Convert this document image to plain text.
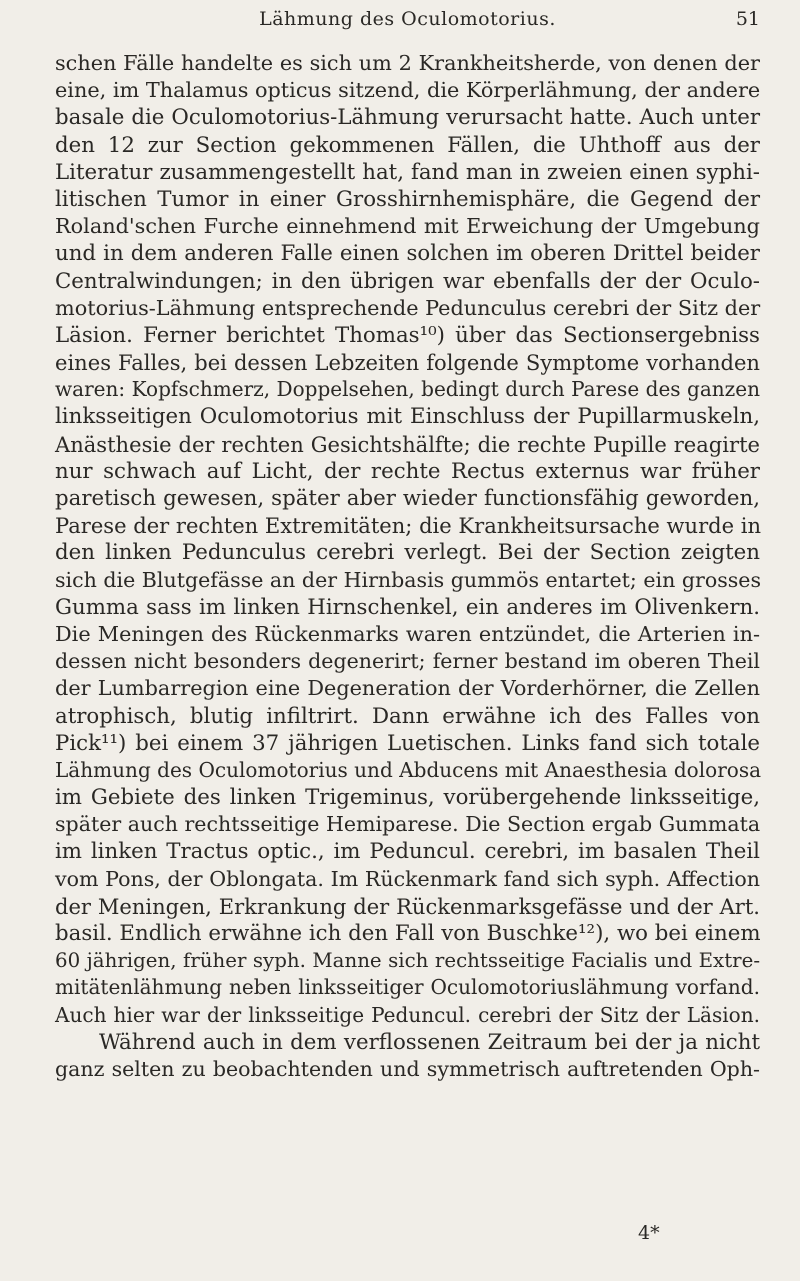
Lähmung des Oculomotorius.	51
schen Fälle handelte es sich um 2 Krankheitsherde, von denen der
eine, im Thalamus opticus sitzend, die Körperlähmung, der andere
basale die Oculomotorius-Lähmung verursacht hatte. Auch unter
den 12 zur Section gekommenen Fällen, die Uhthoff aus der
Literatur zusammengestellt hat, fand man in zweien einen syphi-
litischen Tumor in einer Grosshirnhemisphäre, die Gegend der
Roland'schen Furche einnehmend mit Erweichung der Umgebung
und in dem anderen Falle einen solchen im oberen Drittel beider
Centralwindungen; in den übrigen war ebenfalls der der Oculo-
motorius-Lähmung entsprechende Pedunculus cerebri der Sitz der
Läsion. Ferner berichtet Thomas¹⁰) über das Sectionsergebniss
eines Falles, bei dessen Lebzeiten folgende Symptome vorhanden
waren: Kopfschmerz, Doppelsehen, bedingt durch Parese des ganzen
linksseitigen Oculomotorius mit Einschluss der Pupillarmuskeln,
Anästhesie der rechten Gesichtshälfte; die rechte Pupille reagirte
nur schwach auf Licht, der rechte Rectus externus war früher
paretisch gewesen, später aber wieder functionsfähig geworden,
Parese der rechten Extremitäten; die Krankheitsursache wurde in
den linken Pedunculus cerebri verlegt. Bei der Section zeigten
sich die Blutgefässe an der Hirnbasis gummös entartet; ein grosses
Gumma sass im linken Hirnschenkel, ein anderes im Olivenkern.
Die Meningen des Rückenmarks waren entzündet, die Arterien in-
dessen nicht besonders degenerirt; ferner bestand im oberen Theil
der Lumbarregion eine Degeneration der Vorderhörner, die Zellen
atrophisch, blutig infiltrirt. Dann erwähne ich des Falles von
Pick¹¹) bei einem 37 jährigen Luetischen. Links fand sich totale
Lähmung des Oculomotorius und Abducens mit Anaesthesia dolorosa
im Gebiete des linken Trigeminus, vorübergehende linksseitige,
später auch rechtsseitige Hemiparese. Die Section ergab Gummata
im linken Tractus optic., im Peduncul. cerebri, im basalen Theil
vom Pons, der Oblongata. Im Rückenmark fand sich syph. Affection
der Meningen, Erkrankung der Rückenmarksgefässe und der Art.
basil. Endlich erwähne ich den Fall von Buschke¹²), wo bei einem
60 jährigen, früher syph. Manne sich rechtsseitige Facialis und Extre-
mitätenlähmung neben linksseitiger Oculomotoriuslähmung vorfand.
Auch hier war der linksseitige Peduncul. cerebri der Sitz der Läsion.
Während auch in dem verflossenen Zeitraum bei der ja nicht
ganz selten zu beobachtenden und symmetrisch auftretenden Oph-
4*
